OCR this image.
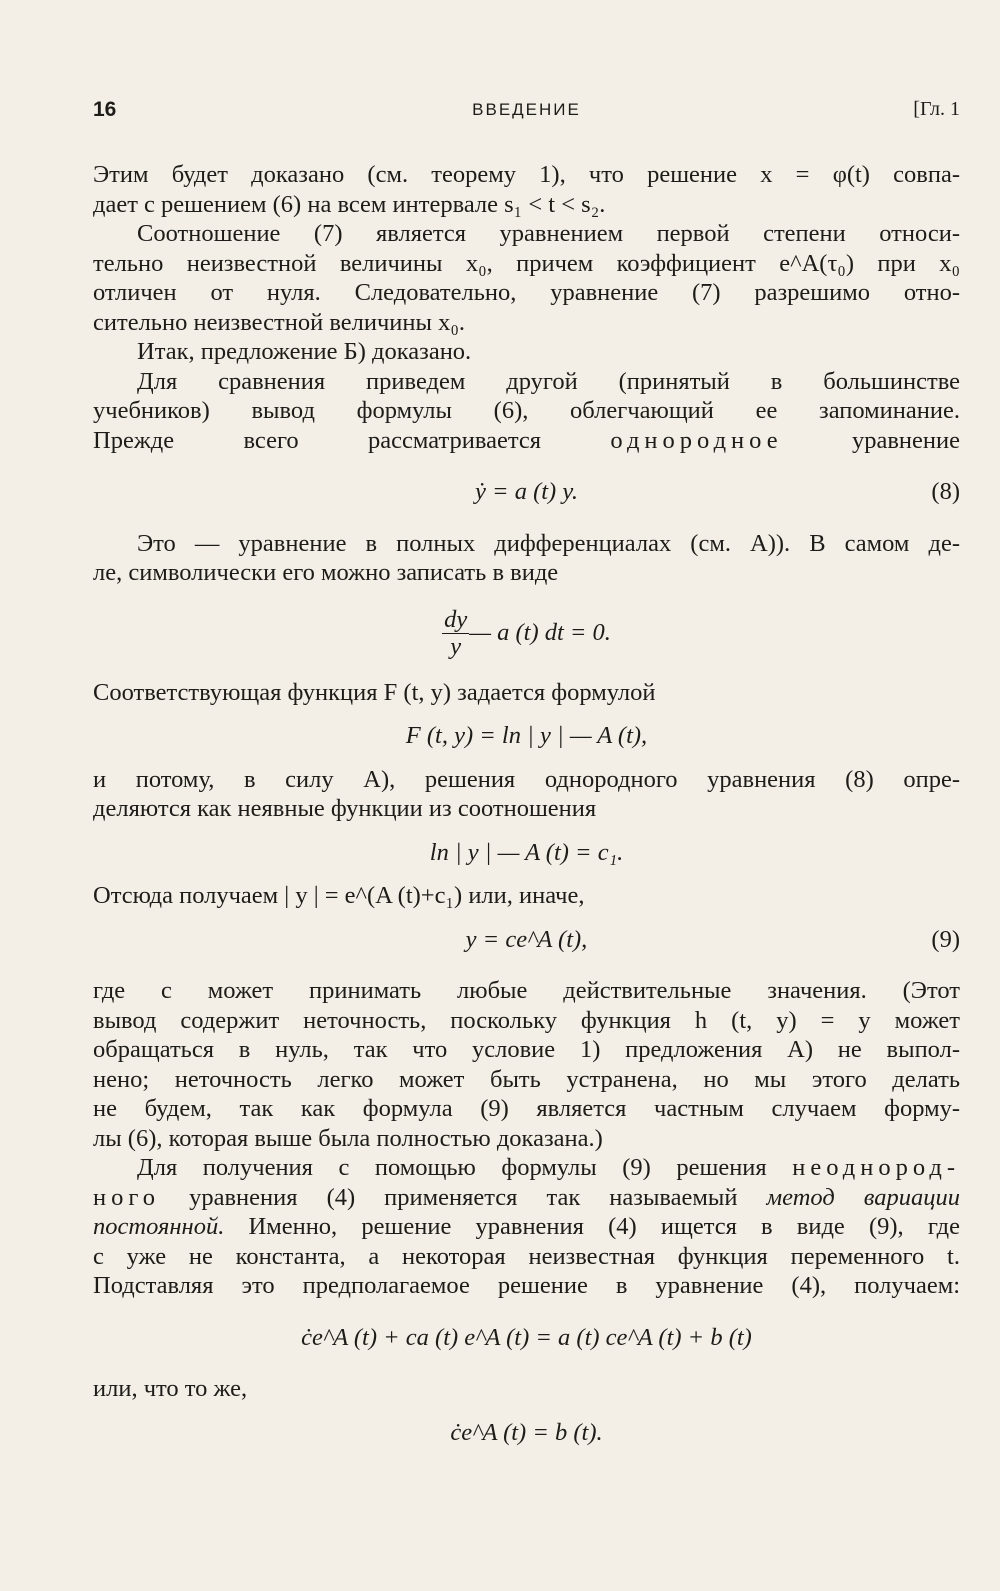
16	ВВЕДЕНИЕ	[Гл. 1
Этим будет доказано (см. теорему 1), что решение x = φ(t) совпа-
дает с решением (6) на всем интервале s₁ < t < s₂.
Соотношение (7) является уравнением первой степени относи-
тельно неизвестной величины x₀, причем коэффициент e^A(τ₀) при x₀
отличен от нуля. Следовательно, уравнение (7) разрешимо отно-
сительно неизвестной величины x₀.
Итак, предложение Б) доказано.
Для сравнения приведем другой (принятый в большинстве
учебников) вывод формулы (6), облегчающий ее запоминание.
Прежде всего рассматривается	однородное	уравнение
ẏ = a (t) y.	(8)
Это — уравнение в полных дифференциалах (см. А)). В самом де-
ле, символически его можно записать в виде
$\frac{dy}{y}$ — a (t) dt = 0.
Соответствующая функция F (t, y) задается формулой
F (t, y) = ln | y | — A (t),
и потому, в силу А), решения однородного уравнения (8) опре-
деляются как неявные функции из соотношения
ln | y | — A (t) = c₁.
Отсюда получаем | y | = e^(A (t)+c₁) или, иначе,
y = ce^A (t),	(9)
где c может принимать любые действительные значения. (Этот
вывод содержит неточность, поскольку функция h (t, y) = y может
обращаться в нуль, так что условие 1) предложения А) не выпол-
нено; неточность легко может быть устранена, но мы этого делать
не будем, так как формула (9) является частным случаем форму-
лы (6), которая выше была полностью доказана.)
Для получения с помощью формулы (9) решения неоднород-
ного уравнения (4) применяется так называемый метод вариации
постоянной. Именно, решение уравнения (4) ищется в виде (9), где
c уже не константа, а некоторая неизвестная функция переменного t.
Подставляя это предполагаемое решение в уравнение (4), получаем:
ċe^A (t) + ca (t) e^A (t) = a (t) ce^A (t) + b (t)
или, что то же,
ċe^A (t) = b (t).
